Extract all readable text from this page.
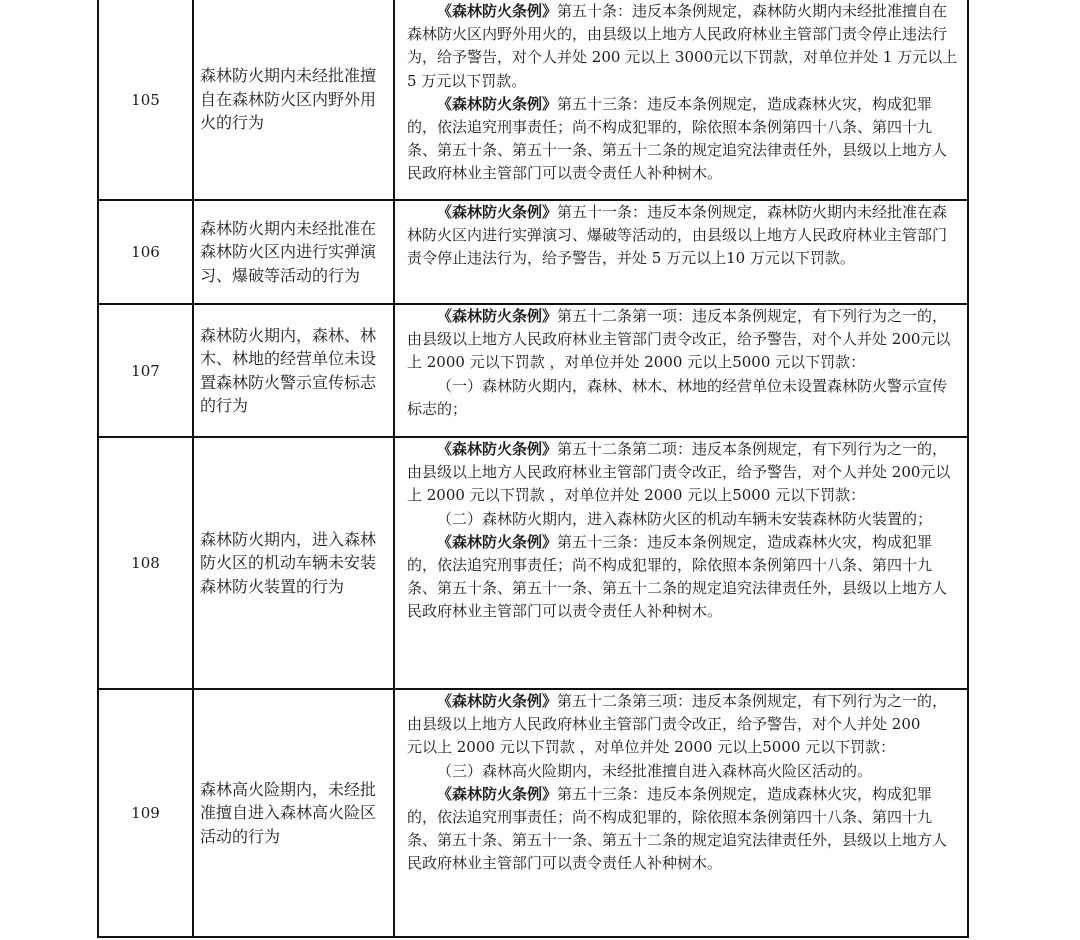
105	森林防火期内未经批准擅自在森林防火区内野外用火的行为	《森林防火条例》第五十条：违反本条例规定，森林防火期内未经批准擅自在森林防火区内野外用火的，由县级以上地方人民政府林业主管部门责令停止违法行为，给予警告，对个人并处 200 元以上 3000元以下罚款，对单位并处 1 万元以上 5 万元以下罚款。

《森林防火条例》第五十三条：违反本条例规定，造成森林火灾，构成犯罪的，依法追究刑事责任；尚不构成犯罪的，除依照本条例第四十八条、第四十九条、第五十条、第五十一条、第五十二条的规定追究法律责任外，县级以上地方人民政府林业主管部门可以责令责任人补种树木。

106	森林防火期内未经批准在森林防火区内进行实弹演习、爆破等活动的行为	《森林防火条例》第五十一条：违反本条例规定，森林防火期内未经批准在森林防火区内进行实弹演习、爆破等活动的，由县级以上地方人民政府林业主管部门责令停止违法行为，给予警告，并处 5 万元以上10 万元以下罚款。

107	森林防火期内，森林、林木、林地的经营单位未设置森林防火警示宣传标志的行为	《森林防火条例》第五十二条第一项：违反本条例规定，有下列行为之一的，由县级以上地方人民政府林业主管部门责令改正，给予警告，对个人并处 200元以上 2000 元以下罚款 ，对单位并处 2000 元以上5000 元以下罚款：

（一）森林防火期内，森林、林木、林地的经营单位未设置森林防火警示宣传标志的；

108	森林防火期内，进入森林防火区的机动车辆未安装森林防火装置的行为	《森林防火条例》第五十二条第二项：违反本条例规定，有下列行为之一的，由县级以上地方人民政府林业主管部门责令改正，给予警告，对个人并处 200元以上 2000 元以下罚款 ，对单位并处 2000 元以上5000 元以下罚款：

（二）森林防火期内，进入森林防火区的机动车辆未安装森林防火装置的；

《森林防火条例》第五十三条：违反本条例规定，造成森林火灾，构成犯罪的，依法追究刑事责任；尚不构成犯罪的，除依照本条例第四十八条、第四十九条、第五十条、第五十一条、第五十二条的规定追究法律责任外，县级以上地方人民政府林业主管部门可以责令责任人补种树木。

109	森林高火险期内，未经批准擅自进入森林高火险区活动的行为	《森林防火条例》第五十二条第三项：违反本条例规定，有下列行为之一的，由县级以上地方人民政府林业主管部门责令改正，给予警告，对个人并处 200

元以上 2000 元以下罚款 ，对单位并处 2000 元以上5000 元以下罚款：

（三）森林高火险期内，未经批准擅自进入森林高火险区活动的。

《森林防火条例》第五十三条：违反本条例规定，造成森林火灾，构成犯罪的，依法追究刑事责任；尚不构成犯罪的，除依照本条例第四十八条、第四十九条、第五十条、第五十一条、第五十二条的规定追究法律责任外，县级以上地方人民政府林业主管部门可以责令责任人补种树木。
